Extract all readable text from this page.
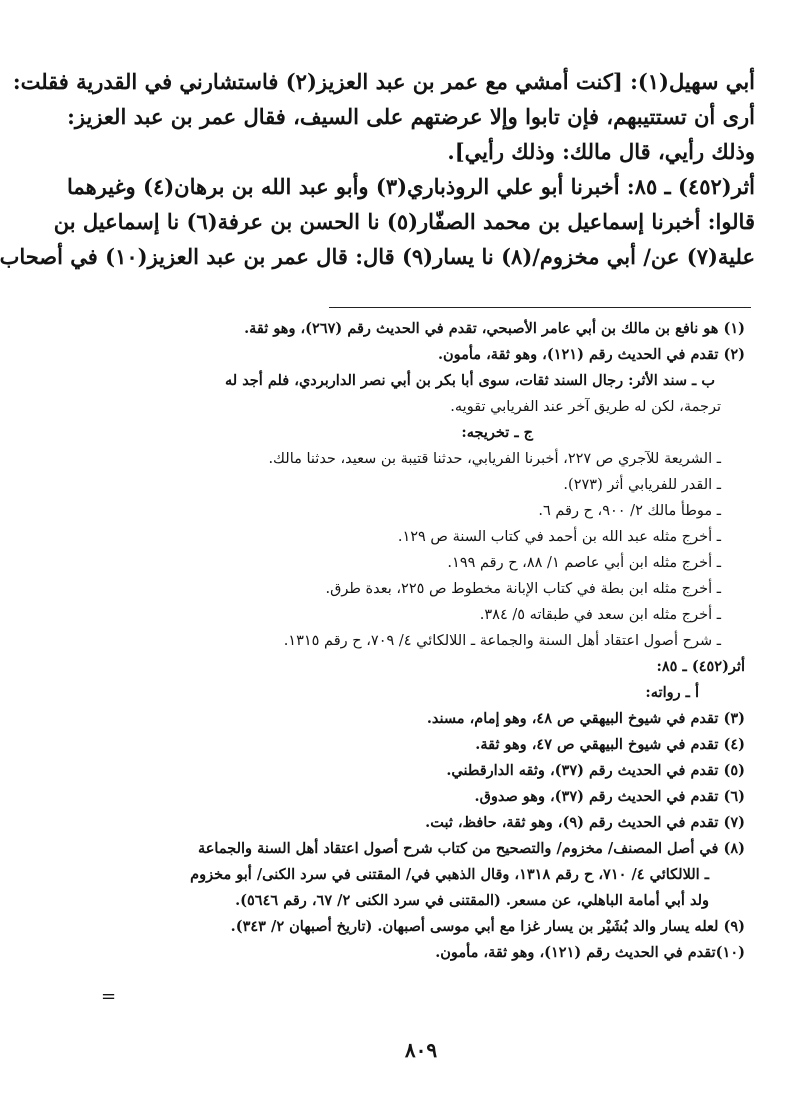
أبي سهيل(١): [كنت أمشي مع عمر بن عبد العزيز(٢) فاستشارني في القدرية فقلت:
أرى أن تستتيبهم، فإن تابوا وإلا عرضتهم على السيف، فقال عمر بن عبد العزيز:
وذلك رأيي، قال مالك: وذلك رأيي].
أثر(٤٥٢) ـ ٨٥: أخبرنا أبو علي الروذباري(٣) وأبو عبد الله بن برهان(٤) وغيرهما
قالوا: أخبرنا إسماعيل بن محمد الصفّار(٥) نا الحسن بن عرفة(٦) نا إسماعيل بن
علية(٧) عن/ أبي مخزوم/(٨) نا يسار(٩) قال: قال عمر بن عبد العزيز(١٠) في أصحاب
(١) هو نافع بن مالك بن أبي عامر الأصبحي، تقدم في الحديث رقم (٢٦٧)، وهو ثقة.
(٢) تقدم في الحديث رقم (١٢١)، وهو ثقة، مأمون.
ب ـ سند الأثر: رجال السند ثقات، سوى أبا بكر بن أبي نصر الداربردي، فلم أجد له
ترجمة، لكن له طريق آخر عند الفريابي تقويه.
ج ـ تخريجه:
ـ الشريعة للآجري ص ٢٢٧، أخبرنا الفريابي، حدثنا قتيبة بن سعيد، حدثنا مالك.
ـ القدر للفريابي أثر (٢٧٣).
ـ موطأ مالك ٢/ ٩٠٠، ح رقم ٦.
ـ أخرج مثله عبد الله بن أحمد في كتاب السنة ص ١٢٩.
ـ أخرج مثله ابن أبي عاصم ١/ ٨٨، ح رقم ١٩٩.
ـ أخرج مثله ابن بطة في كتاب الإبانة مخطوط ص ٢٢٥، بعدة طرق.
ـ أخرج مثله ابن سعد في طبقاته ٥/ ٣٨٤.
ـ شرح أصول اعتقاد أهل السنة والجماعة ـ اللالكائي ٤/ ٧٠٩، ح رقم ١٣١٥.
أثر(٤٥٢) ـ ٨٥:
أ ـ رواته:
(٣) تقدم في شيوخ البيهقي ص ٤٨، وهو إمام، مسند.
(٤) تقدم في شيوخ البيهقي ص ٤٧، وهو ثقة.
(٥) تقدم في الحديث رقم (٣٧)، وثقه الدارقطني.
(٦) تقدم في الحديث رقم (٣٧)، وهو صدوق.
(٧) تقدم في الحديث رقم (٩)، وهو ثقة، حافظ، ثبت.
(٨) في أصل المصنف/ مخزوم/ والتصحيح من كتاب شرح أصول اعتقاد أهل السنة والجماعة
ـ اللالكائي ٤/ ٧١٠، ح رقم ١٣١٨، وقال الذهبي في/ المقتنى في سرد الكنى/ أبو مخزوم
ولد أبي أمامة الباهلي، عن مسعر. (المقتنى في سرد الكنى ٢/ ٦٧، رقم ٥٦٤٦).
(٩) لعله يسار والد بُشَيْر بن يسار غزا مع أبي موسى أصبهان. (تاريخ أصبهان ٢/ ٣٤٣).
(١٠)تقدم في الحديث رقم (١٢١)، وهو ثقة، مأمون.
=
٨٠٩
